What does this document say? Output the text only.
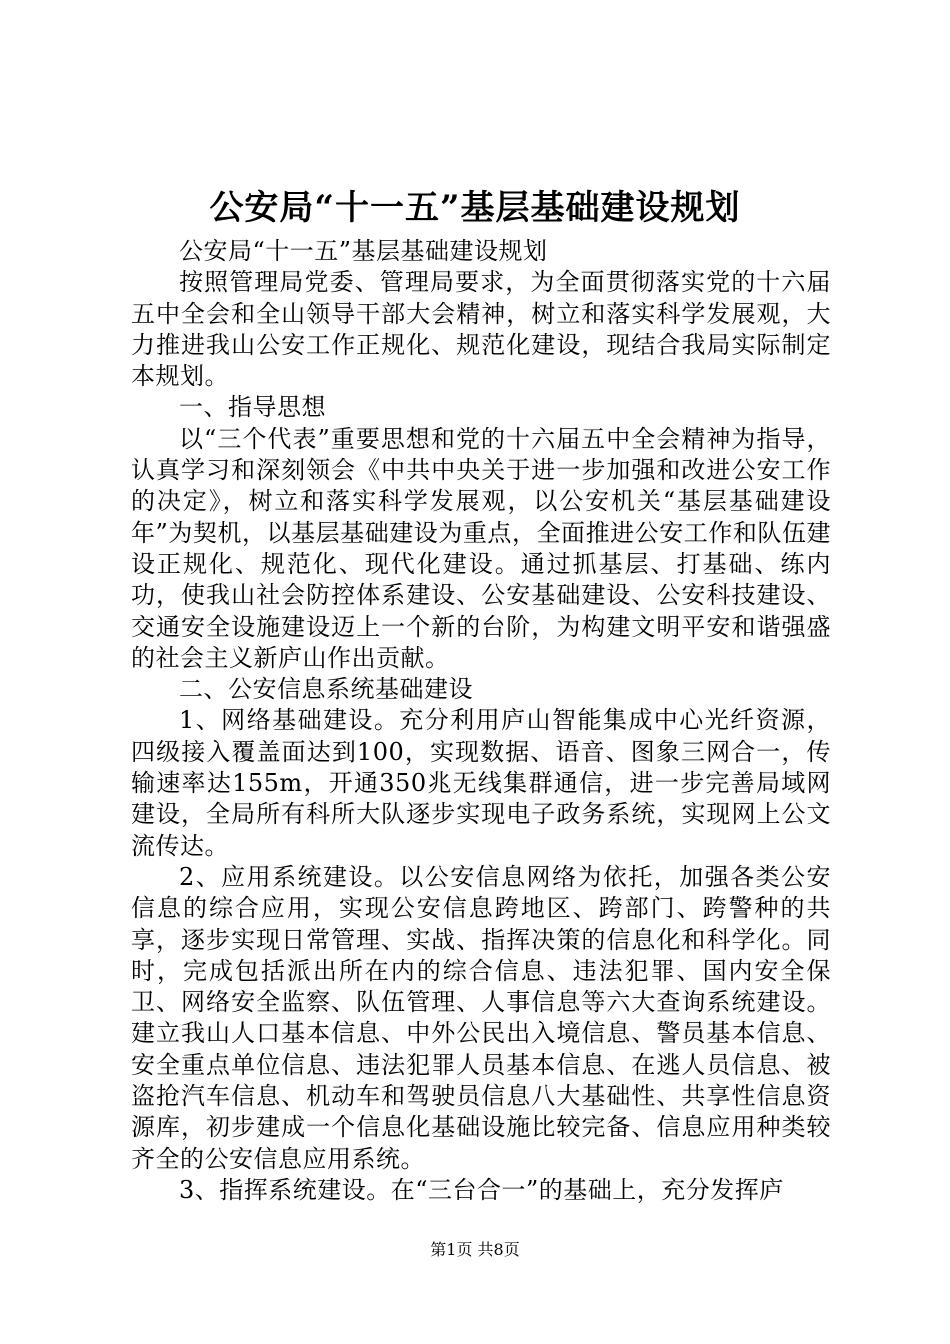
公安局“十一五”基层基础建设规划

公安局“十一五”基层基础建设规划

按照管理局党委、管理局要求，为全面贯彻落实党的十六届五中全会和全山领导干部大会精神，树立和落实科学发展观，大力推进我山公安工作正规化、规范化建设，现结合我局实际制定本规划。

一、指导思想

以“三个代表”重要思想和党的十六届五中全会精神为指导，认真学习和深刻领会《中共中央关于进一步加强和改进公安工作的决定》，树立和落实科学发展观，以公安机关“基层基础建设年”为契机，以基层基础建设为重点，全面推进公安工作和队伍建设正规化、规范化、现代化建设。通过抓基层、打基础、练内功，使我山社会防控体系建设、公安基础建设、公安科技建设、交通安全设施建设迈上一个新的台阶，为构建文明平安和谐强盛的社会主义新庐山作出贡献。

二、公安信息系统基础建设

1、网络基础建设。充分利用庐山智能集成中心光纤资源，四级接入覆盖面达到100，实现数据、语音、图象三网合一，传输速率达155m，开通350兆无线集群通信，进一步完善局域网建设，全局所有科所大队逐步实现电子政务系统，实现网上公文流传达。

2、应用系统建设。以公安信息网络为依托，加强各类公安信息的综合应用，实现公安信息跨地区、跨部门、跨警种的共享，逐步实现日常管理、实战、指挥决策的信息化和科学化。同时，完成包括派出所在内的综合信息、违法犯罪、国内安全保卫、网络安全监察、队伍管理、人事信息等六大查询系统建设。建立我山人口基本信息、中外公民出入境信息、警员基本信息、安全重点单位信息、违法犯罪人员基本信息、在逃人员信息、被盗抢汽车信息、机动车和驾驶员信息八大基础性、共享性信息资源库，初步建成一个信息化基础设施比较完备、信息应用种类较齐全的公安信息应用系统。

3、指挥系统建设。在“三台合一”的基础上，充分发挥庐

第1页 共8页
